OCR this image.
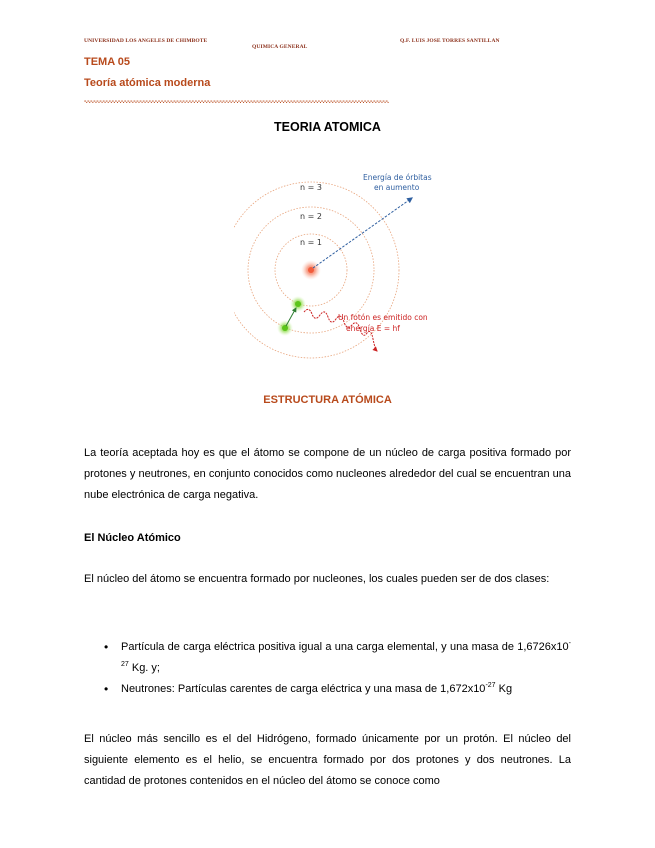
UNIVERSIDAD LOS ANGELES DE CHIMBOTE	Q.F. LUIS JOSE TORRES SANTILLAN
QUIMICA GENERAL
TEMA 05
Teoría atómica moderna
-.-.-.-.-.-.-.-.-.-.-.-.-.-.-.-.-.-.-.-.-.-.-.-.-.-.-.-.-.-.-.-.-.-.-.-.-.-.-.-.-.-.-.-.-.-.-.-.-.-.-.-.-.-.-.-.-.-.-.-.-.-.-.-.-.-.-.-.-.-.-.-.-.-.-.-.-.-.-.-.-.-.-.-.-.-.-.-.-.-.-.-.-.-.-.-.-.-.-.
TEORIA ATOMICA
n = 3
n = 2
n = 1
Energía de órbitas
en aumento
Un fotón es emitido con
energía E = hf
ESTRUCTURA ATÓMICA

La teoría aceptada hoy es que el átomo se compone de un núcleo de carga positiva formado por protones y neutrones, en conjunto conocidos como nucleones alrededor del cual se encuentran una nube electrónica de carga negativa.

El Núcleo Atómico

El núcleo del átomo se encuentra formado por nucleones, los cuales pueden ser de dos clases:

• Partícula de carga eléctrica positiva igual a una carga elemental, y una masa de $1,6726x10^{-27}$ Kg. y;
• Neutrones: Partículas carentes de carga eléctrica y una masa de $1,672x10^{-27}$ Kg

El núcleo más sencillo es el del Hidrógeno, formado únicamente por un protón. El núcleo del siguiente elemento es el helio, se encuentra formado por dos protones y dos neutrones. La cantidad de protones contenidos en el núcleo del átomo se conoce como
